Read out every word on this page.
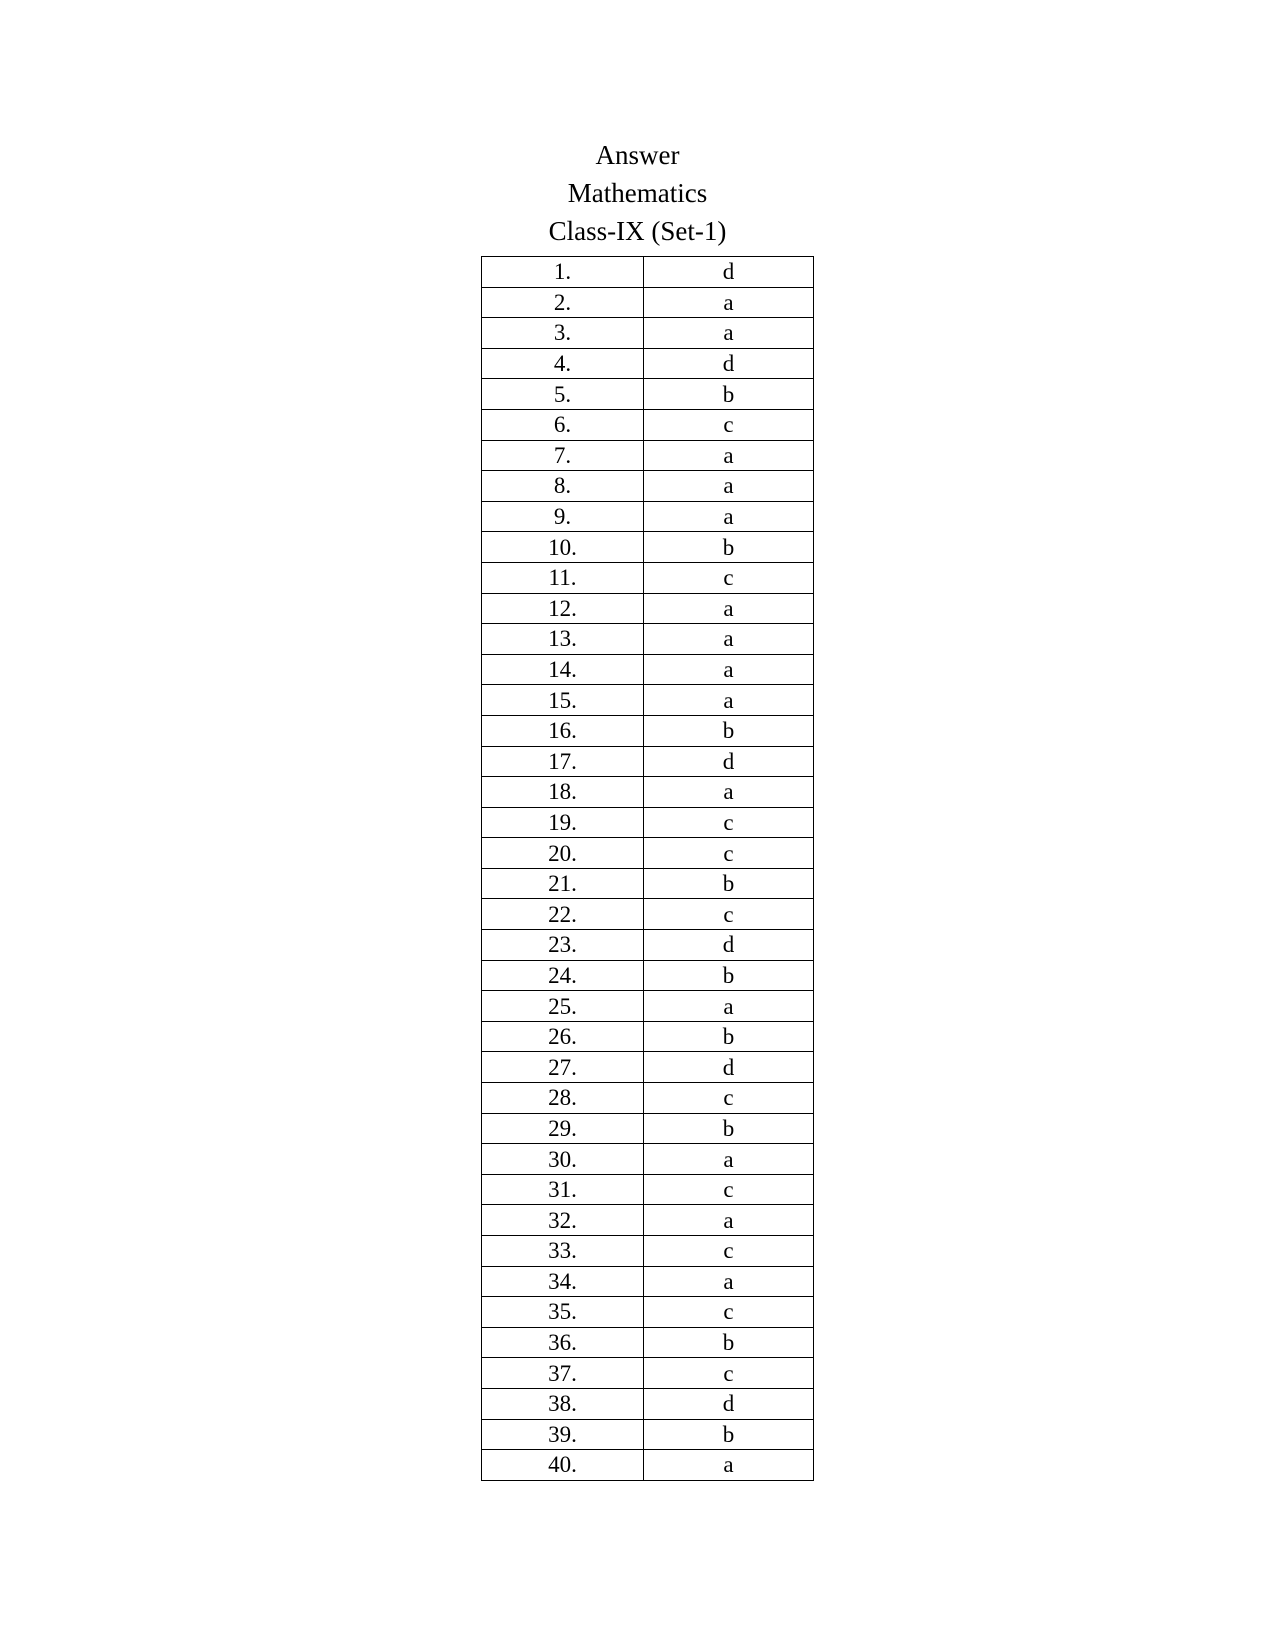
Answer
Mathematics
Class-IX (Set-1)
1.	d
2.	a
3.	a
4.	d
5.	b
6.	c
7.	a
8.	a
9.	a
10.	b
11.	c
12.	a
13.	a
14.	a
15.	a
16.	b
17.	d
18.	a
19.	c
20.	c
21.	b
22.	c
23.	d
24.	b
25.	a
26.	b
27.	d
28.	c
29.	b
30.	a
31.	c
32.	a
33.	c
34.	a
35.	c
36.	b
37.	c
38.	d
39.	b
40.	a
